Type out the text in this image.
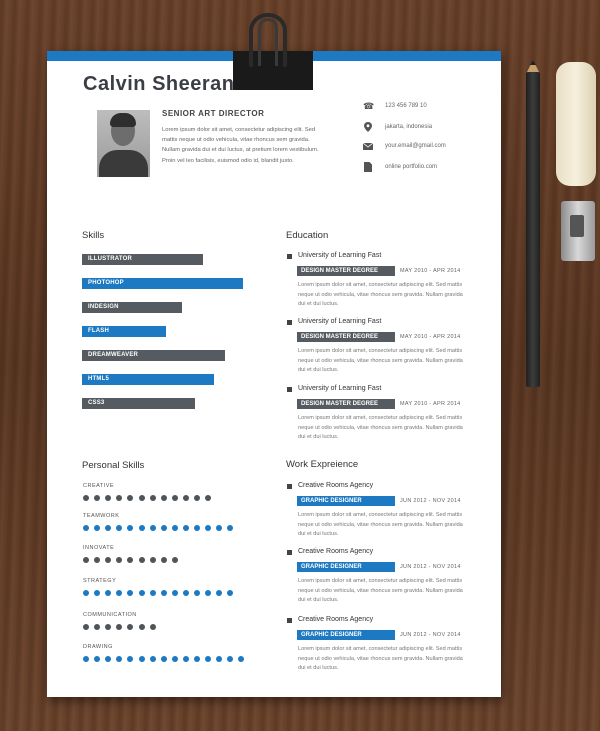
Calvin Sheeran
SENIOR ART DIRECTOR
Lorem ipsum dolor sit amet, consectetur adipiscing elit. Sed mattis neque ut odio vehicula, vitae rhoncus sem gravida. Nullam gravida dui et dui luctus, at pretium lorem vestibulum. Proin vel leo facilisis, euismod odio id, blandit justo.
☎ 123 456 789 10
jakarta, indonesia
your.email@gmail.com
online portfolio.com
Skills
ILLUSTRATOR
PHOTOHOP
INDESIGN
FLASH
DREAMWEAVER
HTML5
CSS3
Personal Skills
CREATIVE
TEAMWORK
INNOVATE
STRATEGY
COMMUNICATION
DRAWING
Education
University of Learning Fast
DESIGN MASTER DEGREE	MAY 2010 - APR 2014
Lorem ipsum dolor sit amet, consectetur adipiscing elit. Sed mattis neque ut odio vehicula, vitae rhoncus sem gravida. Nullam gravida dui et dui luctus.
University of Learning Fast
DESIGN MASTER DEGREE	MAY 2010 - APR 2014
Lorem ipsum dolor sit amet, consectetur adipiscing elit. Sed mattis neque ut odio vehicula, vitae rhoncus sem gravida. Nullam gravida dui et dui luctus.
University of Learning Fast
DESIGN MASTER DEGREE	MAY 2010 - APR 2014
Lorem ipsum dolor sit amet, consectetur adipiscing elit. Sed mattis neque ut odio vehicula, vitae rhoncus sem gravida. Nullam gravida dui et dui luctus.
Work Expreience
Creative Rooms Agency
GRAPHIC DESIGNER	JUN 2012 - NOV 2014
Lorem ipsum dolor sit amet, consectetur adipiscing elit. Sed mattis neque ut odio vehicula, vitae rhoncus sem gravida. Nullam gravida dui et dui luctus.
Creative Rooms Agency
GRAPHIC DESIGNER	JUN 2012 - NOV 2014
Lorem ipsum dolor sit amet, consectetur adipiscing elit. Sed mattis neque ut odio vehicula, vitae rhoncus sem gravida. Nullam gravida dui et dui luctus.
Creative Rooms Agency
GRAPHIC DESIGNER	JUN 2012 - NOV 2014
Lorem ipsum dolor sit amet, consectetur adipiscing elit. Sed mattis neque ut odio vehicula, vitae rhoncus sem gravida. Nullam gravida dui et dui luctus.
